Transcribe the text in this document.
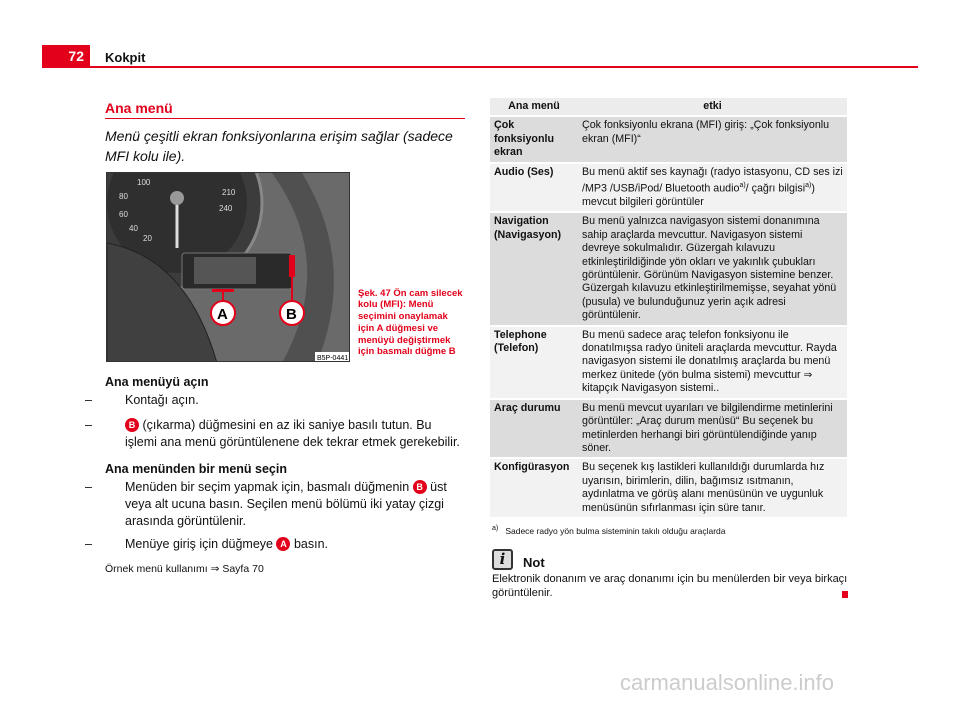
72	Kokpit
Ana menü
Menü çeşitli ekran fonksiyonlarına erişim sağlar (sadece MFI kolu ile).
100
80
60
40
20
210
240
A	B
B5P-0441
Şek. 47 Ön cam silecek kolu (MFI): Menü seçimini onaylamak için A düğmesi ve menüyü değiştirmek için basmalı düğme B
Ana menüyü açın
–	Kontağı açın.
–	B (çıkarma) düğmesini en az iki saniye basılı tutun. Bu işlemi ana menü görüntülenene dek tekrar etmek gerekebilir.
Ana menünden bir menü seçin
–	Menüden bir seçim yapmak için, basmalı düğmenin B üst veya alt ucuna basın. Seçilen menü bölümü iki yatay çizgi arasında görüntülenir.
–	Menüye giriş için düğmeye A basın.
Örnek menü kullanımı ⇒ Sayfa 70
Ana menü	etki
Çok fonksiyonlu ekran	Çok fonksiyonlu ekrana (MFI) giriş: „Çok fonksiyonlu ekran (MFI)“
Audio (Ses)	Bu menü aktif ses kaynağı (radyo istasyonu, CD ses izi /MP3 /USB/iPod/ Bluetooth audio$^{a)}$/ çağrı bilgisi$^{a)}$) mevcut bilgileri görüntüler
Navigation (Navigasyon)	Bu menü yalnızca navigasyon sistemi donanımına sahip araçlarda mevcuttur. Navigasyon sistemi devreye sokulmalıdır. Güzergah kılavuzu etkinleştirildiğinde yön okları ve yakınlık çubukları görüntülenir. Görünüm Navigasyon sistemine benzer. Güzergah kılavuzu etkinleştirilmemişse, seyahat yönü (pusula) ve bulunduğunuz yerin açık adresi görüntülenir.
Telephone (Telefon)	Bu menü sadece araç telefon fonksiyonu ile donatılmışsa radyo üniteli araçlarda mevcuttur. Rayda navigasyon sistemi ile donatılmış araçlarda bu menü merkez ünitede (yön bulma sistemi) mevcuttur ⇒ kitapçık Navigasyon sistemi..
Araç durumu	Bu menü mevcut uyarıları ve bilgilendirme metinlerini görüntüler: „Araç durum menüsü“ Bu seçenek bu metinlerden herhangi biri görüntülendiğinde yanıp söner.
Konfigürasyon	Bu seçenek kış lastikleri kullanıldığı durumlarda hız uyarısın, birimlerin, dilin, bağımsız ısıtmanın, aydınlatma ve görüş alanı menüsünün ve uygunluk menüsünün sıfırlanması için süre tanır.
$^{a)}$ Sadece radyo yön bulma sisteminin takılı olduğu araçlarda
i	Not
Elektronik donanım ve araç donanımı için bu menülerden bir veya birkaçı görüntülenir.
carmanualsonline.info
